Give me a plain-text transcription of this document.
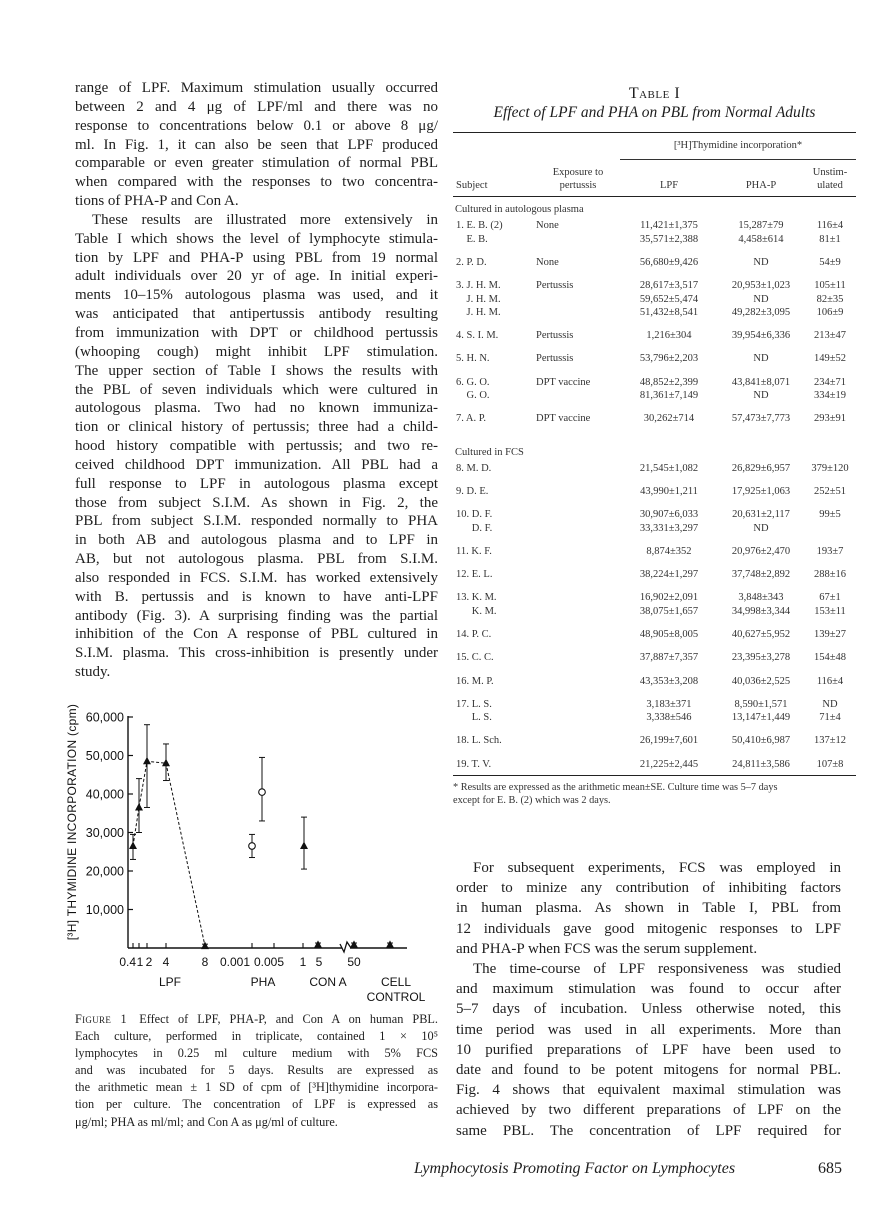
range of LPF. Maximum stimulation usually occurred
between 2 and 4 μg of LPF/ml and there was no
response to concentrations below 0.1 or above 8 μg/
ml. In Fig. 1, it can also be seen that LPF produced
comparable or even greater stimulation of normal PBL
when compared with the responses to two concentra-
tions of PHA-P and Con A.
These results are illustrated more extensively in
Table I which shows the level of lymphocyte stimula-
tion by LPF and PHA-P using PBL from 19 normal
adult individuals over 20 yr of age. In initial experi-
ments 10–15% autologous plasma was used, and it
was anticipated that antipertussis antibody resulting
from immunization with DPT or childhood pertussis
(whooping cough) might inhibit LPF stimulation.
The upper section of Table I shows the results with
the PBL of seven individuals which were cultured in
autologous plasma. Two had no known immuniza-
tion or clinical history of pertussis; three had a child-
hood history compatible with pertussis; and two re-
ceived childhood DPT immunization. All PBL had a
full response to LPF in autologous plasma except
those from subject S.I.M. As shown in Fig. 2, the
PBL from subject S.I.M. responded normally to PHA
in both AB and autologous plasma and to LPF in
AB, but not autologous plasma. PBL from S.I.M.
also responded in FCS. S.I.M. has worked extensively
with B. pertussis and is known to have anti-LPF
antibody (Fig. 3). A surprising finding was the partial
inhibition of the Con A response of PBL cultured in
S.I.M. plasma. This cross-inhibition is presently under
study.
10,000
20,000
30,000
40,000
50,000
60,000
[³H] THYMIDINE INCORPORATION (cpm)
0.4 1 2 4	8 0.001 0.005 1 5 50
LPF	PHA	CON A	CELL
CONTROL
Figure 1  Effect of LPF, PHA-P, and Con A on human PBL.
Each culture, performed in triplicate, contained 1 × 10⁵
lymphocytes in 0.25 ml culture medium with 5% FCS
and was incubated for 5 days. Results are expressed as
the arithmetic mean ± 1 SD of cpm of [³H]thymidine incorpora-
tion per culture. The concentration of LPF is expressed as
μg/ml; PHA as ml/ml; and Con A as μg/ml of culture.
Table I
Effect of LPF and PHA on PBL from Normal Adults
		[³H]Thymidine incorporation*		
Subject	Exposure to
pertussis	LPF	PHA-P	Unstim-
ulated
Cultured in autologous plasma				
1. E. B. (2)	None	11,421±1,375	15,287±79	116±4
E. B.		35,571±2,388	4,458±614	81±1
2. P. D.	None	56,680±9,426	ND	54±9
3. J. H. M.	Pertussis	28,617±3,517	20,953±1,023	105±11
J. H. M.		59,652±5,474	ND	82±35
J. H. M.		51,432±8,541	49,282±3,095	106±9
4. S. I. M.	Pertussis	1,216±304	39,954±6,336	213±47
5. H. N.	Pertussis	53,796±2,203	ND	149±52
6. G. O.	DPT vaccine	48,852±2,399	43,841±8,071	234±71
G. O.		81,361±7,149	ND	334±19
7. A. P.	DPT vaccine	30,262±714	57,473±7,773	293±91
Cultured in FCS				
8. M. D.		21,545±1,082	26,829±6,957	379±120
9. D. E.		43,990±1,211	17,925±1,063	252±51
10. D. F.		30,907±6,033	20,631±2,117	99±5
D. F.		33,331±3,297	ND	
11. K. F.		8,874±352	20,976±2,470	193±7
12. E. L.		38,224±1,297	37,748±2,892	288±16
13. K. M.		16,902±2,091	3,848±343	67±1
K. M.		38,075±1,657	34,998±3,344	153±11
14. P. C.		48,905±8,005	40,627±5,952	139±27
15. C. C.		37,887±7,357	23,395±3,278	154±48
16. M. P.		43,353±3,208	40,036±2,525	116±4
17. L. S.		3,183±371	8,590±1,571	ND
L. S.		3,338±546	13,147±1,449	71±4
18. L. Sch.		26,199±7,601	50,410±6,987	137±12
19. T. V.		21,225±2,445	24,811±3,586	107±8
* Results are expressed as the arithmetic mean±SE. Culture time was 5–7 days
except for E. B. (2) which was 2 days.
For subsequent experiments, FCS was employed in
order to minize any contribution of inhibiting factors
in human plasma. As shown in Table I, PBL from
12 individuals gave good mitogenic responses to LPF
and PHA-P when FCS was the serum supplement.
The time-course of LPF responsiveness was studied
and maximum stimulation was found to occur after
5–7 days of incubation. Unless otherwise noted, this
time period was used in all experiments. More than
10 purified preparations of LPF have been used to
date and found to be potent mitogens for normal PBL.
Fig. 4 shows that equivalent maximal stimulation was
achieved by two different preparations of LPF on the
same PBL. The concentration of LPF required for
Lymphocytosis Promoting Factor on Lymphocytes	685
